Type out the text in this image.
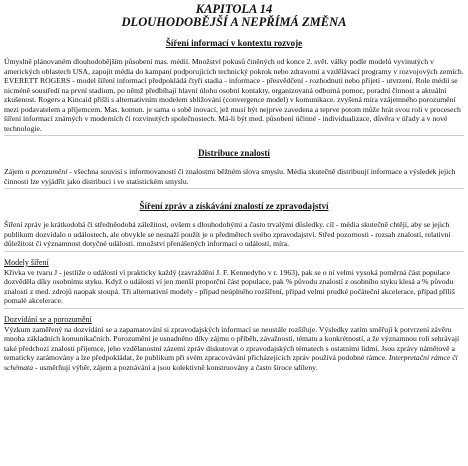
KAPITOLA 14

DLOUHODOBĚJŠÍ A NEPŘÍMÁ ZMĚNA

Šíření informací v kontextu rozvoje

Úmyslně plánovaném dlouhodobějším působení mas. médií. Množství pokusů činěných od konce 2. svět. války podle modelů vyvinutých v amerických oblastech USA, zapojit média do kampaní podporujících technický pokrok nebo zdravotní a vzdělávací programy v rozvojových zemích. EVERETT ROGERS - model šíření informací předpokládá čtyři stadia - informace - přesvědčení - rozhodnutí nebo přijetí - utvrzení. Role médií se nicméně soustředí na první stadium, po němž předbíhají hlavní úlohu osobní kontakty, organizovaná odborná pomoc, poradní činnost a aktuální zkušenost. Rogers a Kincaid přišli s alternativním modelem sbližování (convergence model) v komunikace. zvyšená míra vzájemného porozumění mezi podavatelem a příjemcem. Mas. komun. je sama o sobě inovací, jež musí být nejprve zavedena a teprve potom může hrát svou roli v procesech šíření informací známých v moderních či rozvinutých společnostech. Má-li být med. působení účinné - individualizace, důvěra v úřady a v nové technologie.

Distribuce znalostí

Zájem o porozumění - všechna souvisí s informovaností či znalostmi běžném slova smyslu. Média skutečně distribuují informace a výsledek jejich činnosti lze vyjádřit jako distribuci i ve statistickém smyslu.

Šíření zpráv a získávání znalostí ze zpravodajství

Šíření zpráv je krátkodobá či středněodobá záležitost, ovšem s dlouhodobými a často trvalými důsledky. cíl - média skutečně chtějí, aby se jejich publikum dozvídalo o událostech, ale obvykle se nesnaží použít je o předmětech svého zpravodajství. Střed pozornosti - rozsah znalostí, relativní důležitost či významnost dotyčné události. množství přenášených informací o událostí, míra.

Modely šíření

Křivka ve tvaru J - jestliže o událostí ví prakticky každý (zavraždění J. F. Kennedyho v r. 1963), pak se o ní velmi vysoká poměrná část populace dozvěděla díky osobnímu styku. Když o události ví jen menší proporční část populace, pak % původu znalostí z osobního styku klesá a % původu znalostí z med. zdrojů naopak stoupá. Tři alternativní modely - případ neúplného rozšíření, případ velmi prudké počáteční akcelerace, případ příliš pomalé akcelerace.

Dozvídání se a porozumění

Výzkum zaměřený na dozvídání se a zapamatování si zpravodajských informací se neustále rozšiřuje. Výsledky zatím směřují k potvrzení závěru mnoha základních komunikačních. Porozumění je usnadněno díky zájmu o příběh, závažnosti, tématu a konkrétností, a že významnou roli sehrávají také předchozí znalosti příjemce, jeho vzdělanostní zázemí zpráv diskutovat o zpravodajských tématech s ostatními lidmi. Jsou zprávy námětově a tematicky zarámovány a lze předpokládat, že publikum při svém zpracovávání přicházejících zpráv používá podobné rámce. Interpretační rámce či schémata - usměrňují výběr, zájem a poznávání a jsou kolektivně konstruovány a často široce sdíleny.
